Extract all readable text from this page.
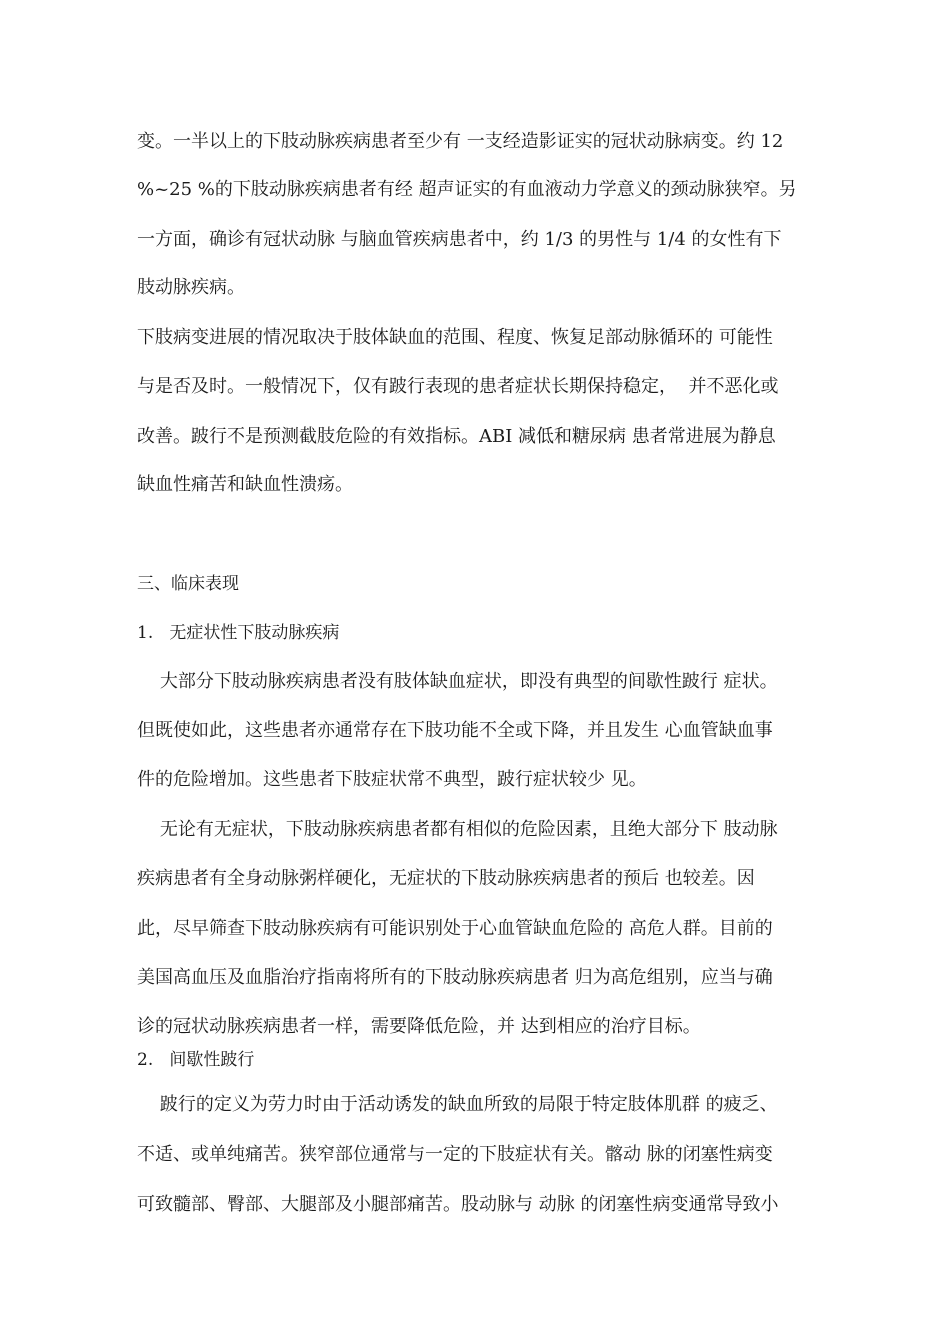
变。一半以上的下肢动脉疾病患者至少有 一支经造影证实的冠状动脉病变。约 12
%~25 %的下肢动脉疾病患者有经 超声证实的有血液动力学意义的颈动脉狭窄。另
一方面，确诊有冠状动脉 与脑血管疾病患者中，约 1/3 的男性与 1/4 的女性有下
肢动脉疾病。
下肢病变进展的情况取决于肢体缺血的范围、程度、恢复足部动脉循环的 可能性
与是否及时。一般情况下，仅有跛行表现的患者症状长期保持稳定，  并不恶化或
改善。跛行不是预测截肢危险的有效指标。ABI 减低和糖尿病 患者常进展为静息
缺血性痛苦和缺血性溃疡。
三、临床表现
1.   无症状性下肢动脉疾病
大部分下肢动脉疾病患者没有肢体缺血症状，即没有典型的间歇性跛行 症状。
但既使如此，这些患者亦通常存在下肢功能不全或下降，并且发生 心血管缺血事
件的危险增加。这些患者下肢症状常不典型，跛行症状较少 见。
无论有无症状，下肢动脉疾病患者都有相似的危险因素，且绝大部分下 肢动脉
疾病患者有全身动脉粥样硬化，无症状的下肢动脉疾病患者的预后 也较差。因
此，尽早筛查下肢动脉疾病有可能识别处于心血管缺血危险的 高危人群。目前的
美国高血压及血脂治疗指南将所有的下肢动脉疾病患者 归为高危组别，应当与确
诊的冠状动脉疾病患者一样，需要降低危险，并 达到相应的治疗目标。
2.   间歇性跛行
跛行的定义为劳力时由于活动诱发的缺血所致的局限于特定肢体肌群 的疲乏、
不适、或单纯痛苦。狭窄部位通常与一定的下肢症状有关。髂动 脉的闭塞性病变
可致髓部、臀部、大腿部及小腿部痛苦。股动脉与 动脉 的闭塞性病变通常导致小
